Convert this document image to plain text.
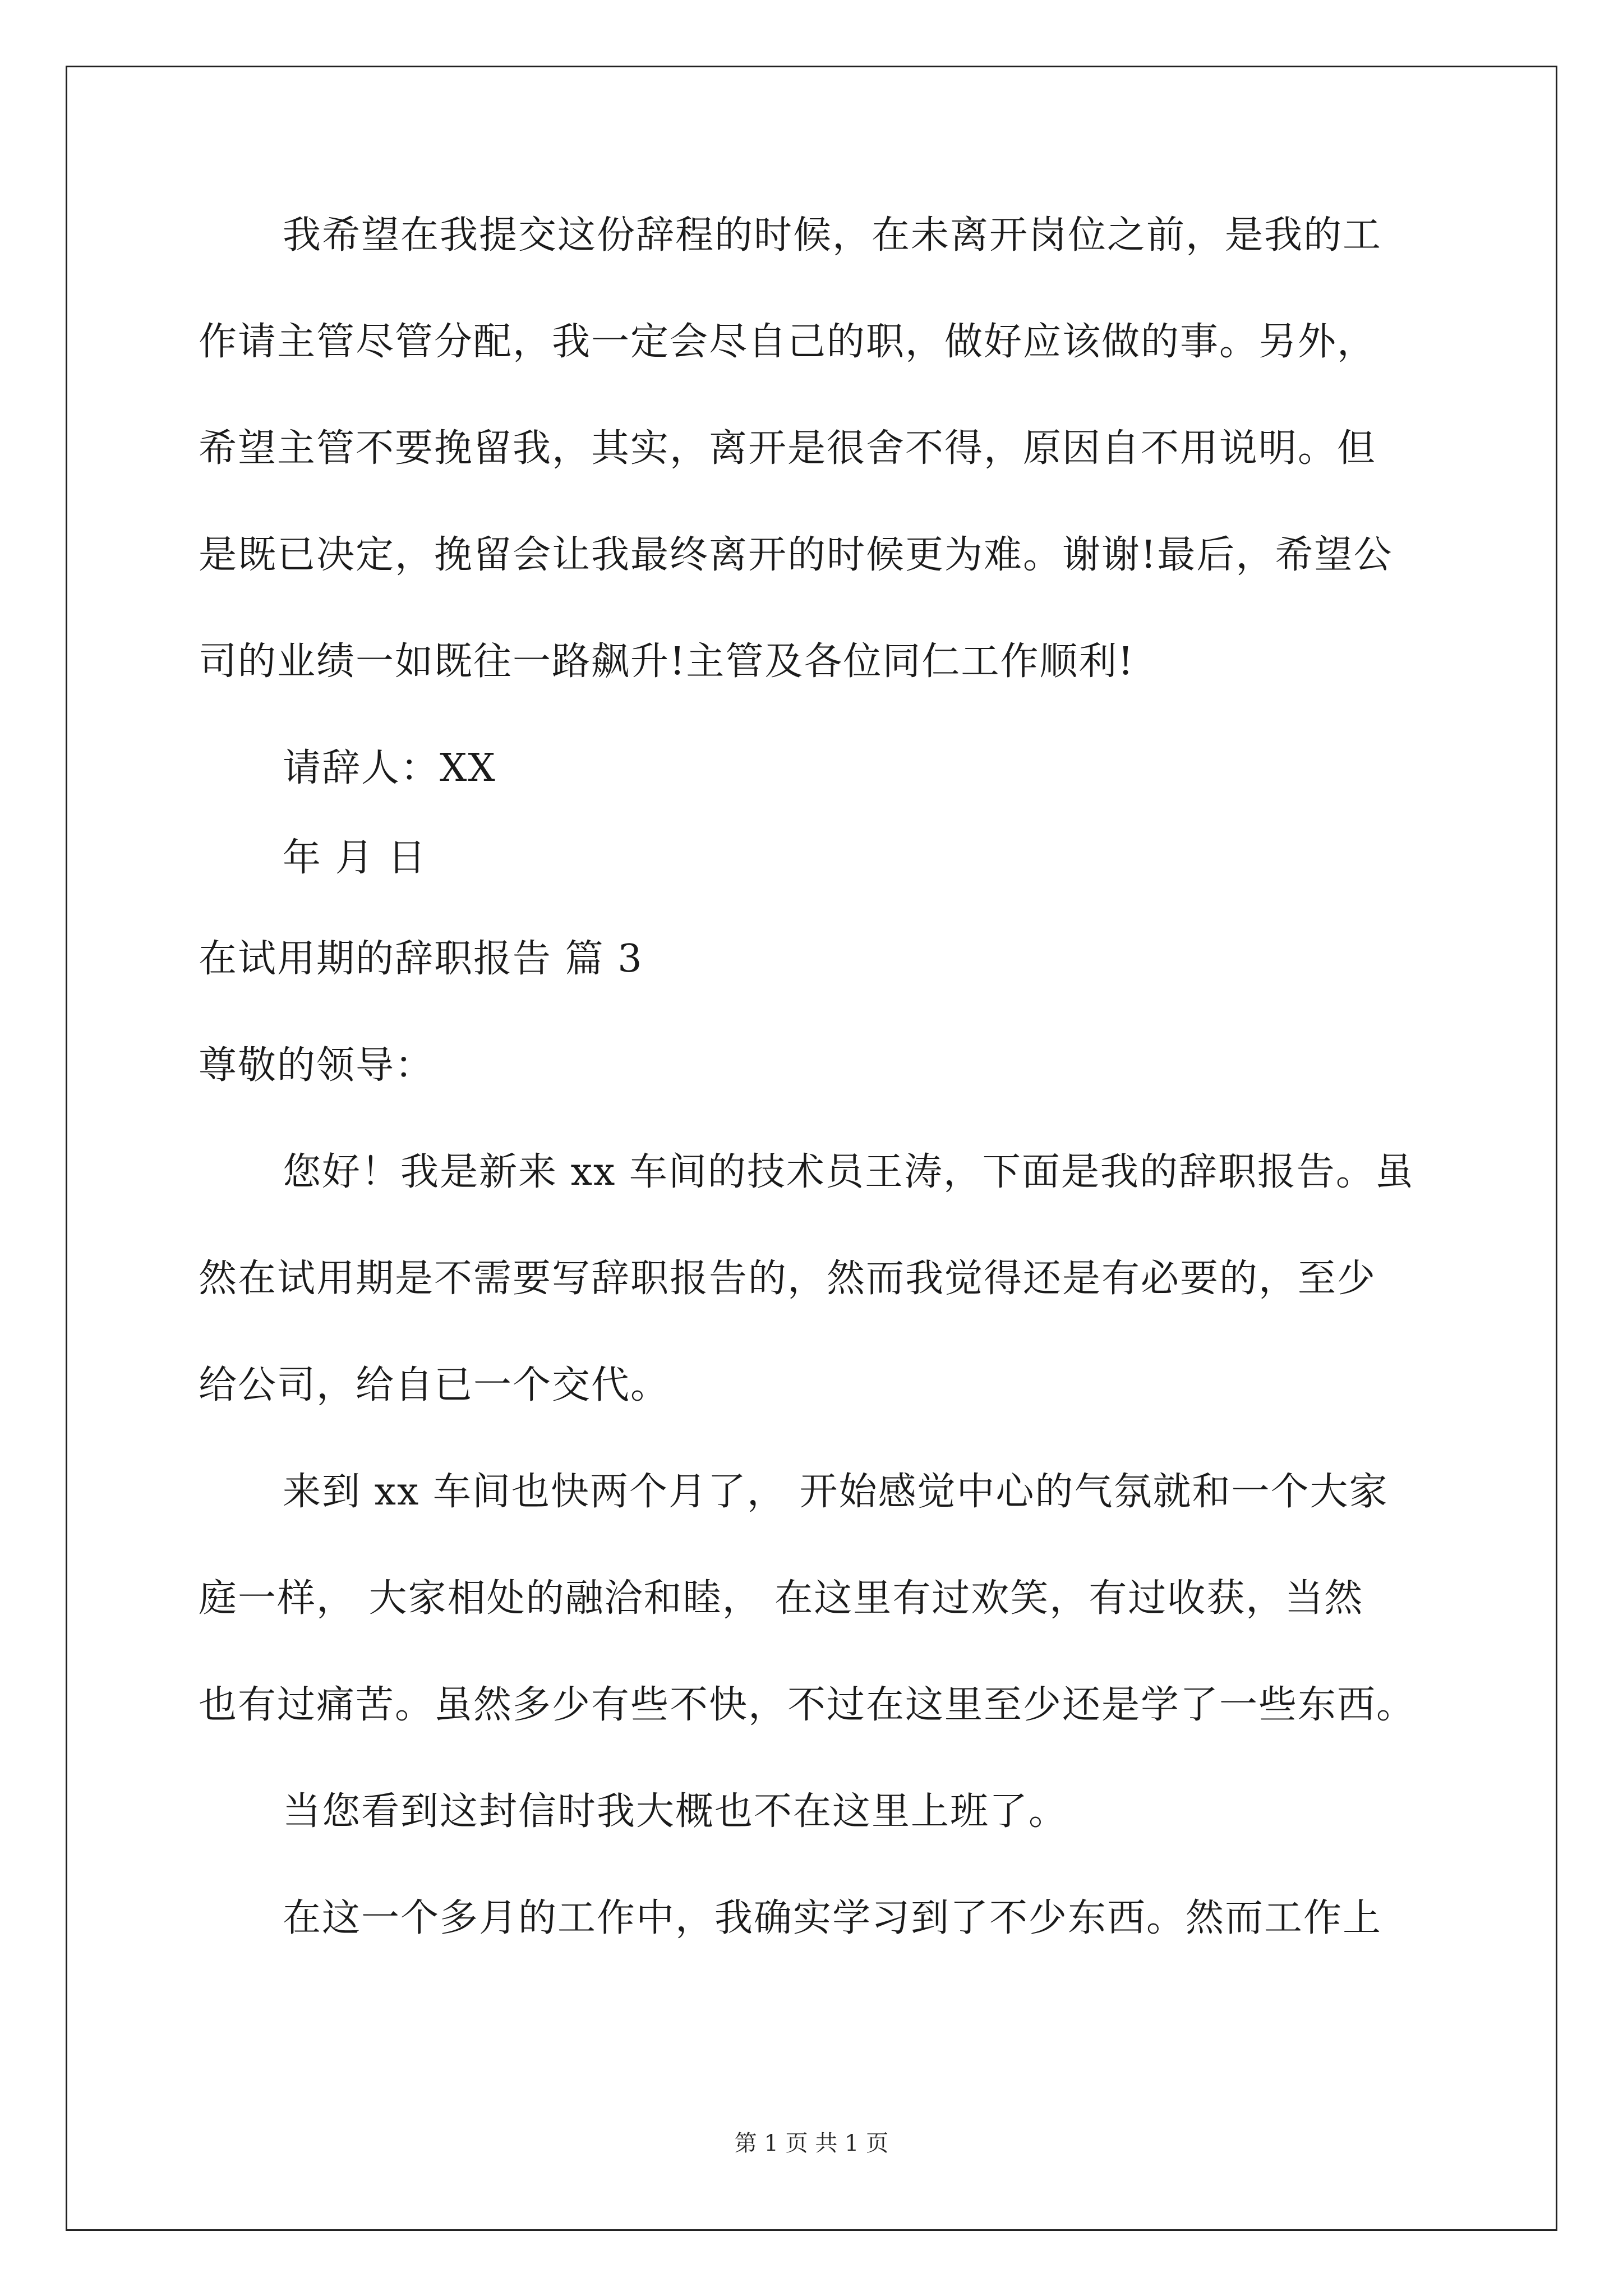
我希望在我提交这份辞程的时候，在未离开岗位之前，是我的工
作请主管尽管分配，我一定会尽自己的职，做好应该做的事。另外，
希望主管不要挽留我，其实，离开是很舍不得，原因自不用说明。但
是既已决定，挽留会让我最终离开的时候更为难。谢谢!最后，希望公
司的业绩一如既往一路飙升!主管及各位同仁工作顺利!
请辞人：XX
年 月 日
在试用期的辞职报告 篇 3
尊敬的领导：
您好！我是新来 xx 车间的技术员王涛，下面是我的辞职报告。虽
然在试用期是不需要写辞职报告的，然而我觉得还是有必要的，至少
给公司，给自已一个交代。
来到 xx 车间也快两个月了， 开始感觉中心的气氛就和一个大家
庭一样， 大家相处的融洽和睦， 在这里有过欢笑，有过收获，当然
也有过痛苦。虽然多少有些不快，不过在这里至少还是学了一些东西。
当您看到这封信时我大概也不在这里上班了。
在这一个多月的工作中，我确实学习到了不少东西。然而工作上
第 1 页 共 1 页
